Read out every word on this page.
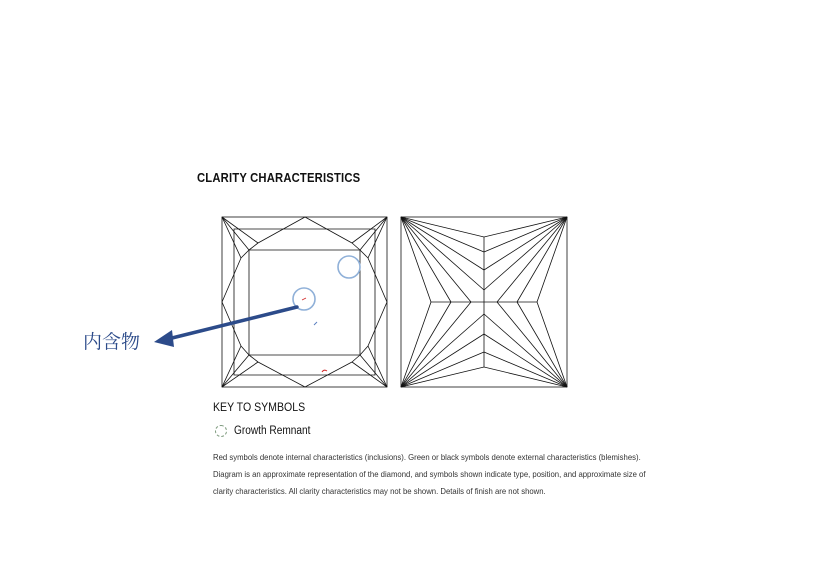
CLARITY CHARACTERISTICS
内含物
KEY TO SYMBOLS
Growth Remnant
Red symbols denote internal characteristics (inclusions). Green or black symbols denote external characteristics (blemishes).
Diagram is an approximate representation of the diamond, and symbols shown indicate type, position, and approximate size of
clarity characteristics. All clarity characteristics may not be shown. Details of finish are not shown.
